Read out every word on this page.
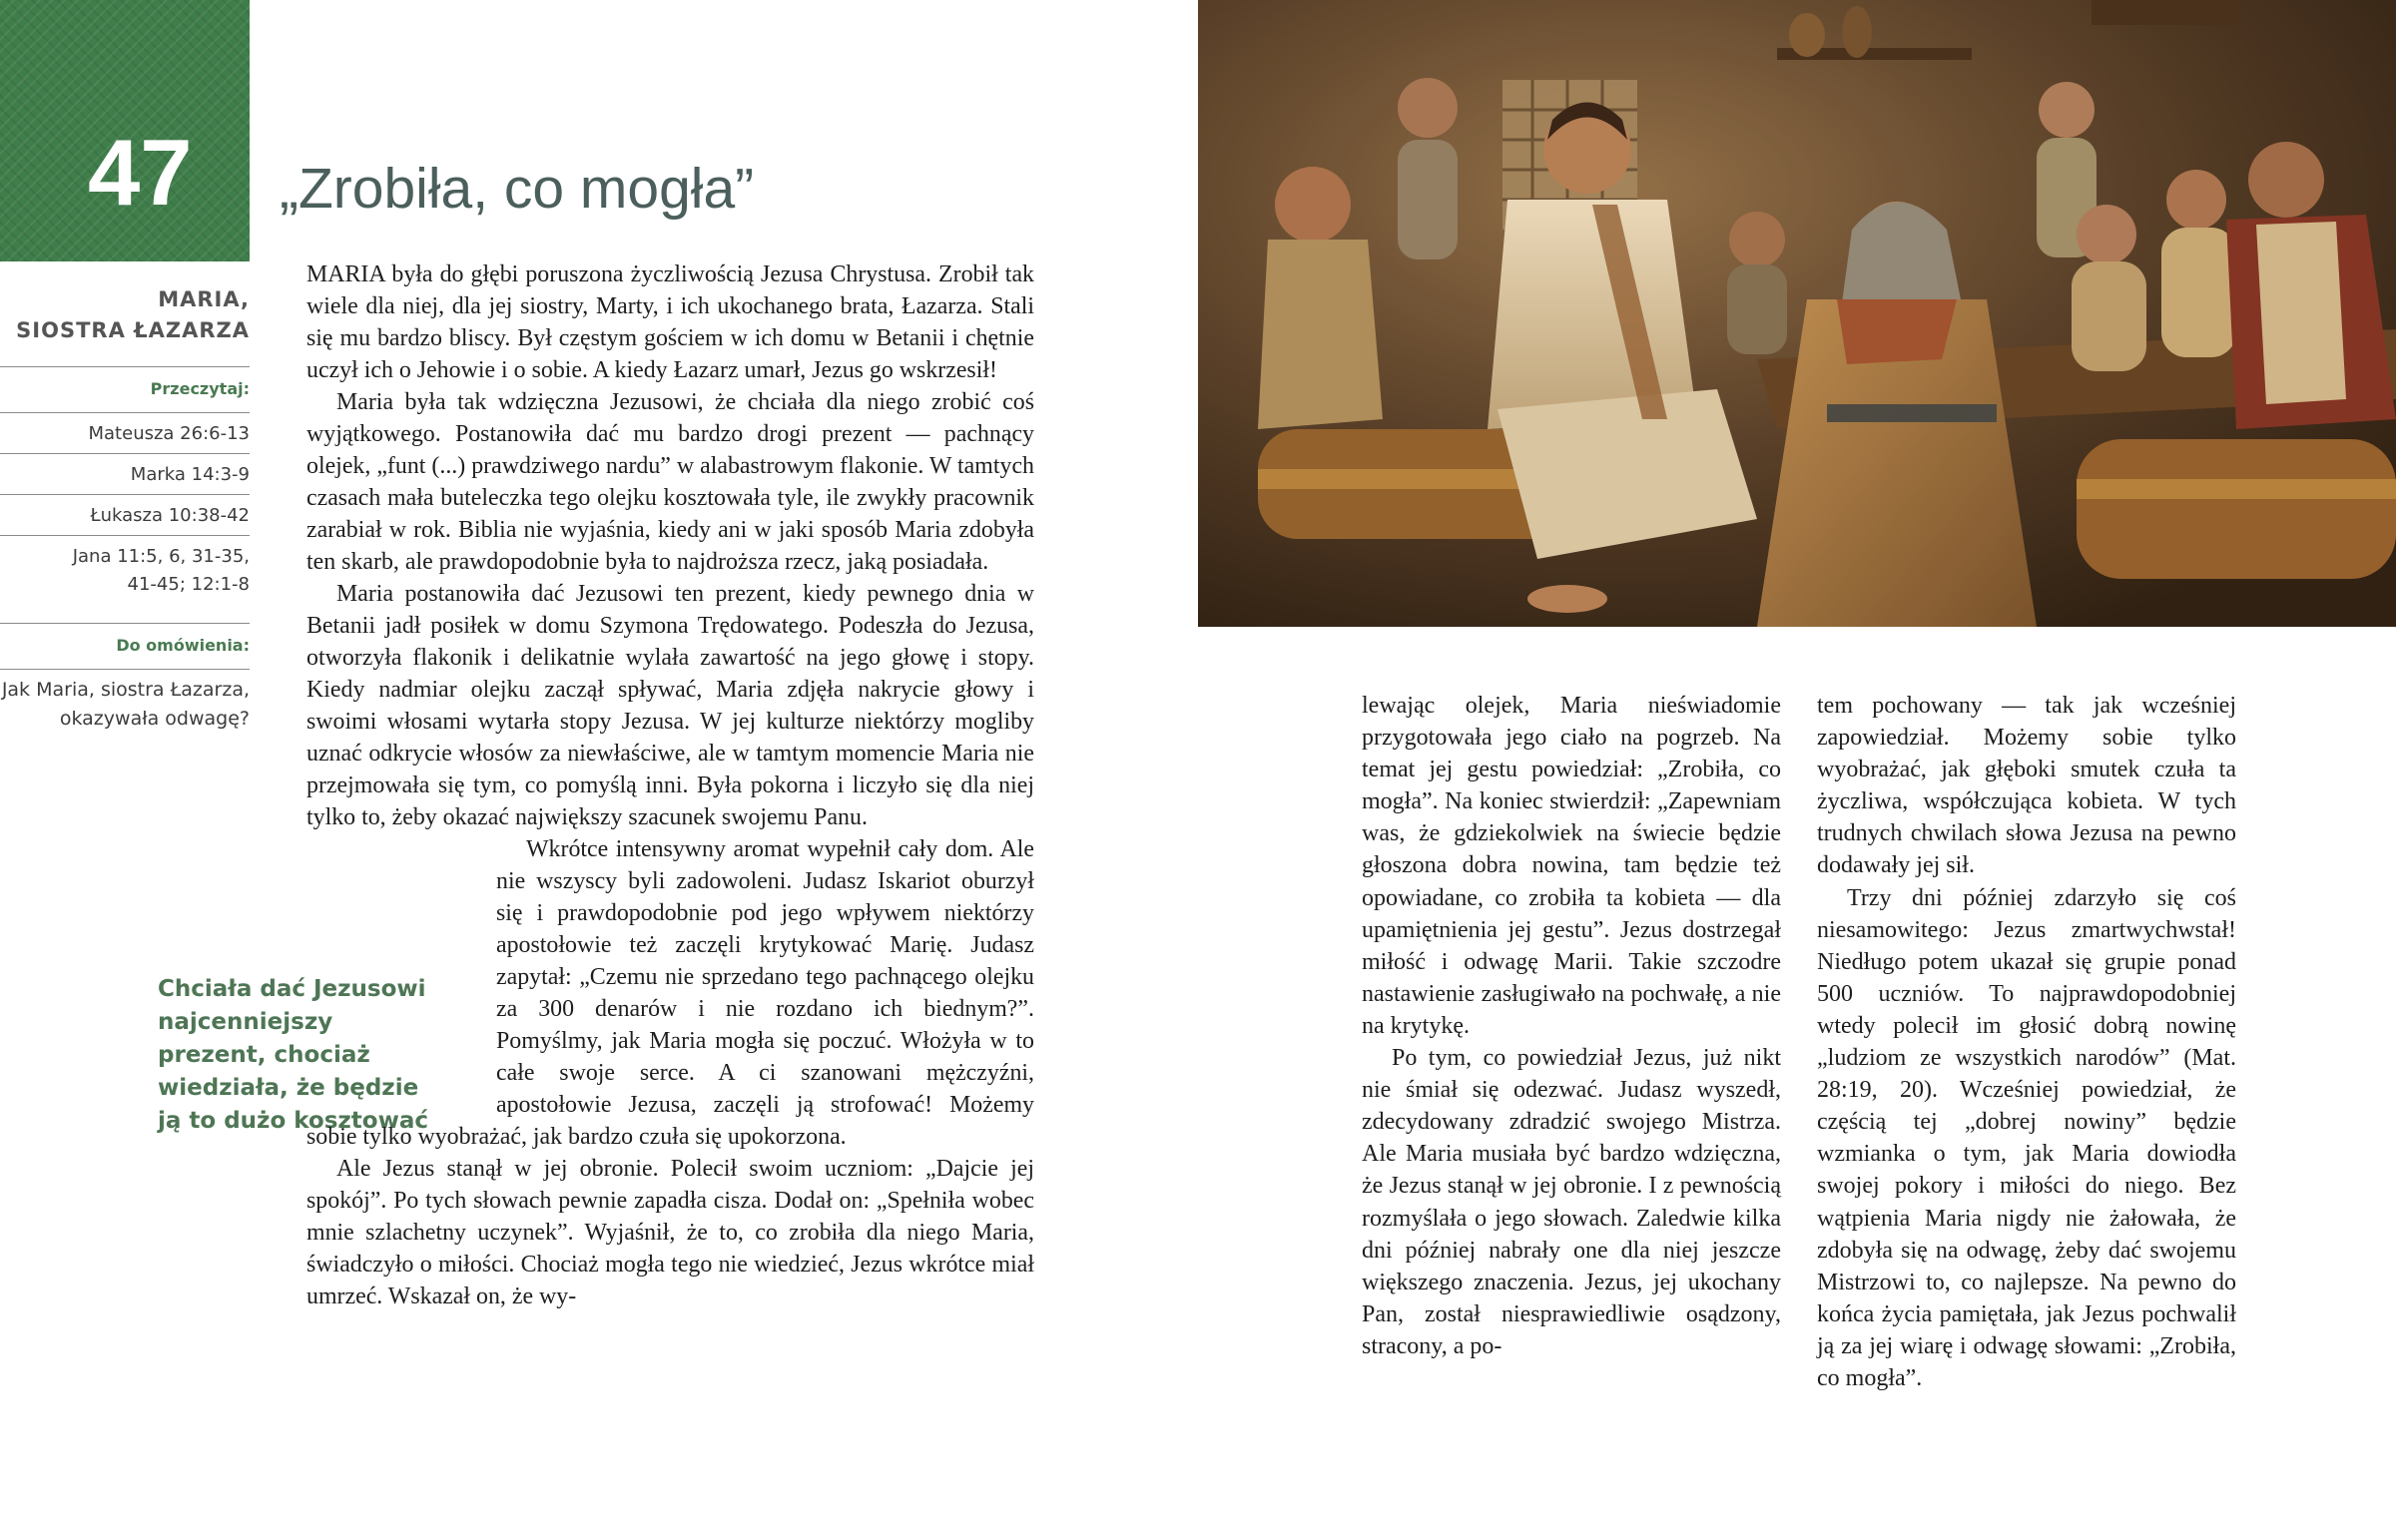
47 „Zrobiła, co mogła”
MARIA,
SIOSTRA ŁAZARZA
Przeczytaj:
Mateusza 26:6-13
Marka 14:3-9
Łukasza 10:38-42
Jana 11:5, 6, 31-35,
41-45; 12:1-8
Do omówienia:
Jak Maria, siostra Łazarza, okazywała odwagę?
Chciała dać Jezusowi najcenniejszy prezent, chociaż wiedziała, że będzie ją to dużo kosztować

MARIA była do głębi poruszona życzliwością Jezusa Chrystusa. Zrobił tak wiele dla niej, dla jej siostry, Marty, i ich ukochanego brata, Łazarza. Stali się mu bardzo bliscy. Był częstym gościem w ich domu w Betanii i chętnie uczył ich o Jehowie i o sobie. A kiedy Łazarz umarł, Jezus go wskrzesił!

Maria była tak wdzięczna Jezusowi, że chciała dla niego zrobić coś wyjątkowego. Postanowiła dać mu bardzo drogi prezent — pachnący olejek, „funt (...) prawdziwego nardu” w alabastrowym flakonie. W tamtych czasach mała buteleczka tego olejku kosztowała tyle, ile zwykły pracownik zarabiał w rok. Biblia nie wyjaśnia, kiedy ani w jaki sposób Maria zdobyła ten skarb, ale prawdopodobnie była to najdroższa rzecz, jaką posiadała.

Maria postanowiła dać Jezusowi ten prezent, kiedy pewnego dnia w Betanii jadł posiłek w domu Szymona Trędowatego. Podeszła do Jezusa, otworzyła flakonik i delikatnie wylała zawartość na jego głowę i stopy. Kiedy nadmiar olejku zaczął spływać, Maria zdjęła nakrycie głowy i swoimi włosami wytarła stopy Jezusa. W jej kulturze niektórzy mogliby uznać odkrycie włosów za niewłaściwe, ale w tamtym momencie Maria nie przejmowała się tym, co pomyślą inni. Była pokorna i liczyło się dla niej tylko to, żeby okazać największy szacunek swojemu Panu.

Wkrótce intensywny aromat wypełnił cały dom. Ale nie wszyscy byli zadowoleni. Judasz Iskariot oburzył się i prawdopodobnie pod jego wpływem niektórzy apostołowie też zaczęli krytykować Marię. Judasz zapytał: „Czemu nie sprzedano tego pachnącego olejku za 300 denarów i nie rozdano ich biednym?”. Pomyślmy, jak Maria mogła się poczuć. Włożyła w to całe swoje serce. A ci szanowani mężczyźni, apostołowie Jezusa, zaczęli ją strofować! Możemy sobie tylko wyobrażać, jak bardzo czuła się upokorzona.

Ale Jezus stanął w jej obronie. Polecił swoim uczniom: „Dajcie jej spokój”. Po tych słowach pewnie zapadła cisza. Dodał on: „Spełniła wobec mnie szlachetny uczynek”. Wyjaśnił, że to, co zrobiła dla niego Maria, świadczyło o miłości. Chociaż mogła tego nie wiedzieć, Jezus wkrótce miał umrzeć. Wskazał on, że wy-

lewając olejek, Maria nieświadomie przygotowała jego ciało na pogrzeb. Na temat jej gestu powiedział: „Zrobiła, co mogła”. Na koniec stwierdził: „Zapewniam was, że gdziekolwiek na świecie będzie głoszona dobra nowina, tam będzie też opowiadane, co zrobiła ta kobieta — dla upamiętnienia jej gestu”. Jezus dostrzegał miłość i odwagę Marii. Takie szczodre nastawienie zasługiwało na pochwałę, a nie na krytykę.

Po tym, co powiedział Jezus, już nikt nie śmiał się odezwać. Judasz wyszedł, zdecydowany zdradzić swojego Mistrza. Ale Maria musiała być bardzo wdzięczna, że Jezus stanął w jej obronie. I z pewnością rozmyślała o jego słowach. Zaledwie kilka dni później nabrały one dla niej jeszcze większego znaczenia. Jezus, jej ukochany Pan, został niesprawiedliwie osądzony, stracony, a po-

tem pochowany — tak jak wcześniej zapowiedział. Możemy sobie tylko wyobrażać, jak głęboki smutek czuła ta życzliwa, współczująca kobieta. W tych trudnych chwilach słowa Jezusa na pewno dodawały jej sił.

Trzy dni później zdarzyło się coś niesamowitego: Jezus zmartwychwstał! Niedługo potem ukazał się grupie ponad 500 uczniów. To najprawdopodobniej wtedy polecił im głosić dobrą nowinę „ludziom ze wszystkich narodów” (Mat. 28:19, 20). Wcześniej powiedział, że częścią tej „dobrej nowiny” będzie wzmianka o tym, jak Maria dowiodła swojej pokory i miłości do niego. Bez wątpienia Maria nigdy nie żałowała, że zdobyła się na odwagę, żeby dać swojemu Mistrzowi to, co najlepsze. Na pewno do końca życia pamiętała, jak Jezus pochwalił ją za jej wiarę i odwagę słowami: „Zrobiła, co mogła”.
